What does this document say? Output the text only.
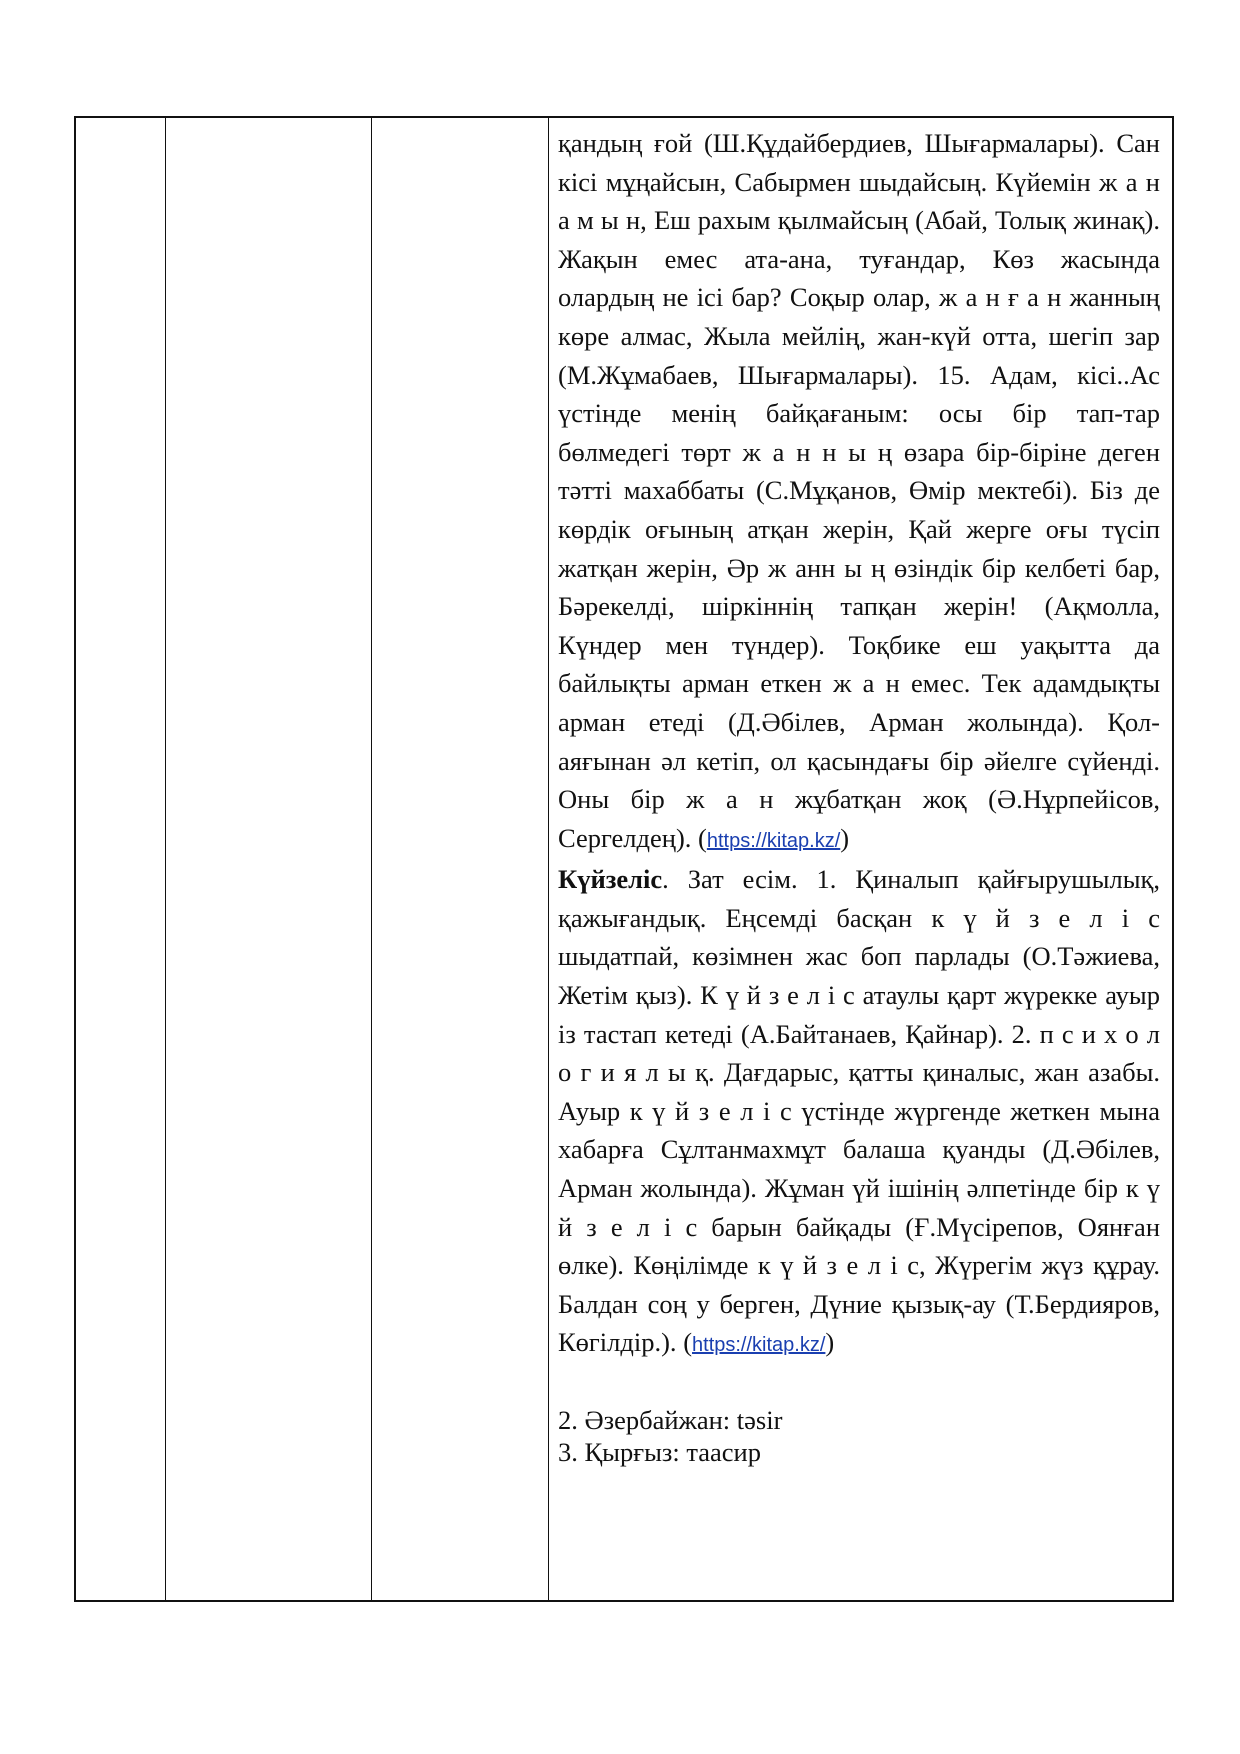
қандың ғой (Ш.Құдайбердиев, Шығармалары). Сан кісі мұңайсын, Сабырмен шыдайсың. Күйемін ж а н а м ы н, Еш рахым қылмайсың (Абай, Толық жинақ). Жақын емес ата-ана, туғандар, Көз жасында олардың не ісі бар? Соқыр олар, ж а н ғ а н жанның көре алмас, Жыла мейлің, жан-күй отта, шегіп зар (М.Жұмабаев, Шығармалары). 15. Адам, кісі..Ас үстінде менің байқағаным: осы бір тап-тар бөлмедегі төрт ж а н н ы ң өзара бір-біріне деген тәтті махаббаты (С.Мұқанов, Өмір мектебі). Біз де көрдік оғының атқан жерін, Қай жерге оғы түсіп жатқан жерін, Әр ж анн ы ң өзіндік бір келбеті бар, Бәрекелді, шіркіннің тапқан жерін! (Ақмолла, Күндер мен түндер). Тоқбике еш уақытта да байлықты арман еткен ж а н емес. Тек адамдықты арман етеді (Д.Әбілев, Арман жолында). Қол-аяғынан әл кетіп, ол қасындағы бір әйелге сүйенді. Оны бір ж а н жұбатқан жоқ (Ә.Нұрпейісов, Сергелдең). (https://kitap.kz/)

Күйзеліс. Зат есім. 1. Қиналып қайғырушылық, қажығандық. Еңсемді басқан к ү й з е л і с шыдатпай, көзімнен жас боп парлады (О.Тәжиева, Жетім қыз). К ү й з е л і с атаулы қарт жүрекке ауыр із тастап кетеді (А.Байтанаев, Қайнар). 2. п с и х о л о г и я л ы қ. Дағдарыс, қатты қиналыс, жан азабы. Ауыр к ү й з е л і с үстінде жүргенде жеткен мына хабарға Сұлтанмахмұт балаша қуанды (Д.Әбілев, Арман жолында). Жұман үй ішінің әлпетінде бір к ү й з е л і с барын байқады (Ғ.Мүсірепов, Оянған өлке). Көңілімде к ү й з е л і с, Жүрегім жүз құрау. Балдан соң у берген, Дүние қызық-ау (Т.Бердияров, Көгілдір.). (https://kitap.kz/)

2. Әзербайжан: təsir

3. Қырғыз: таасир
